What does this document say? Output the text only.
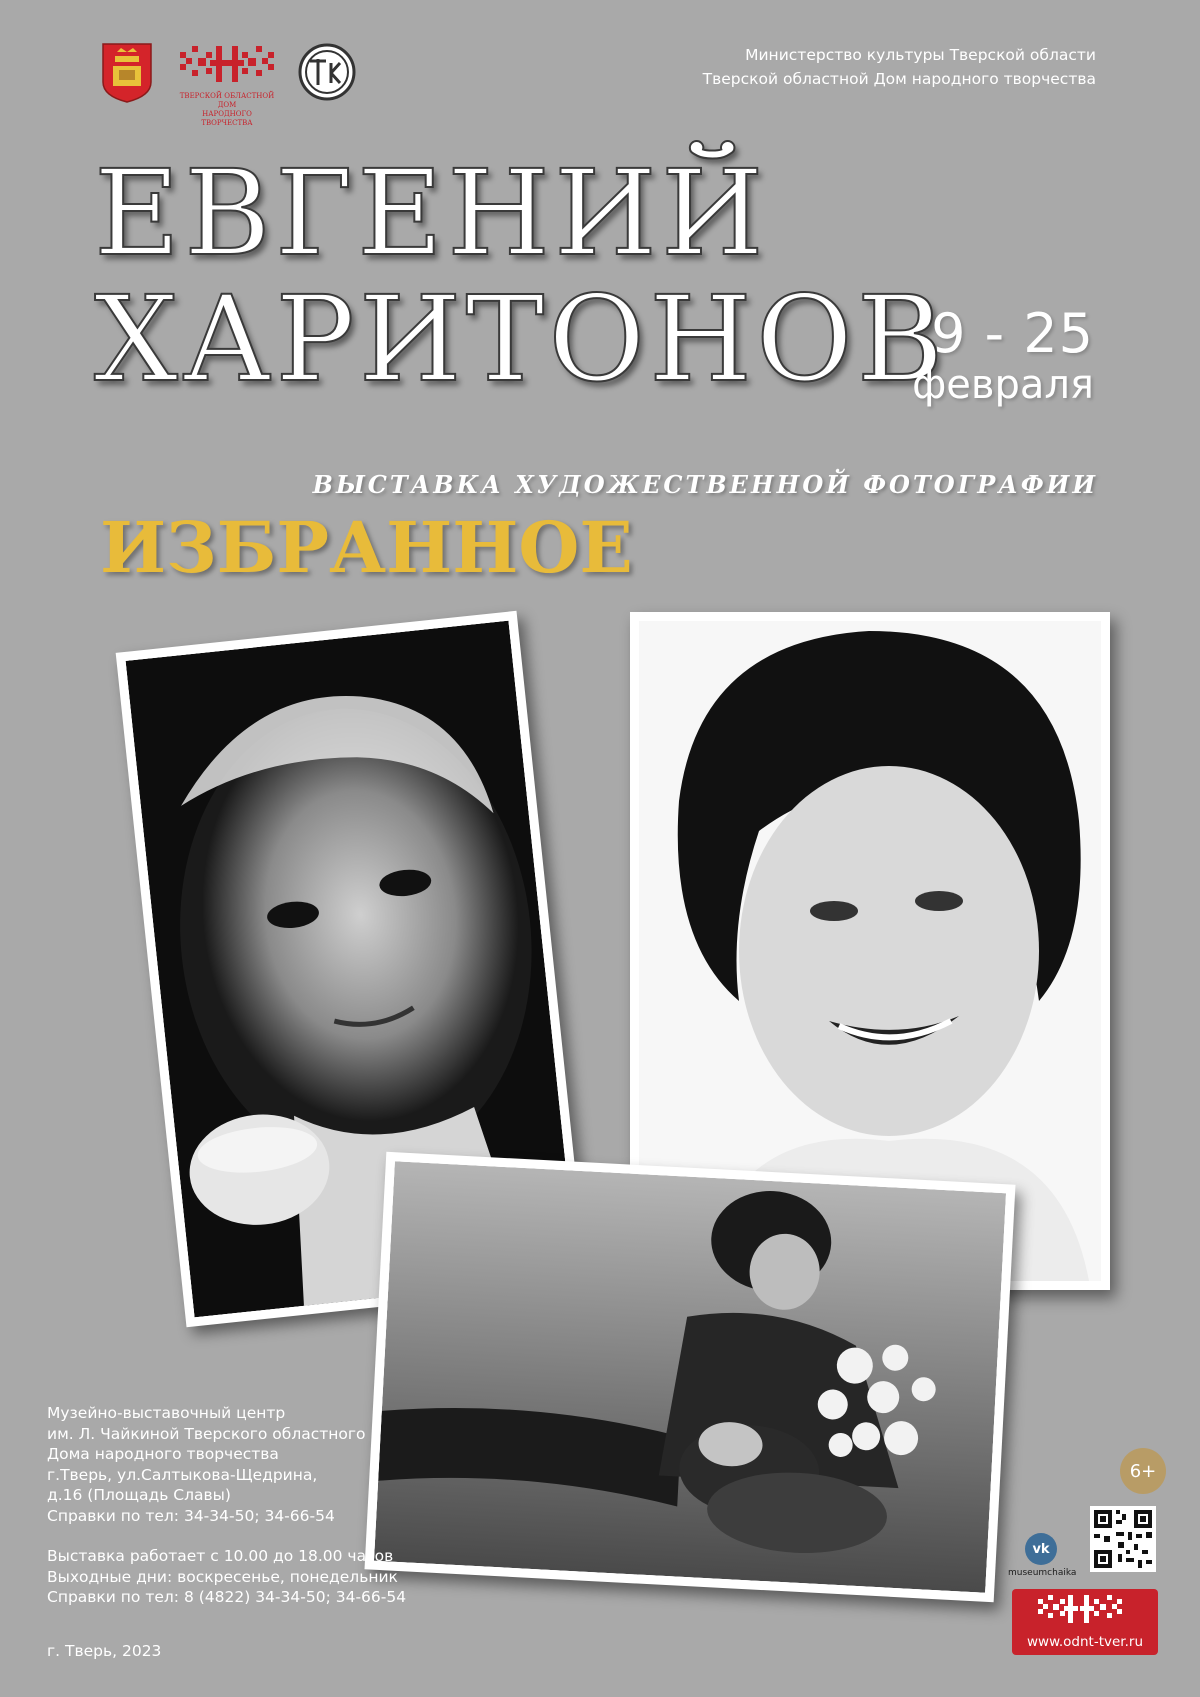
ТВЕРСКОЙ ОБЛАСТНОЙ ДОМ
НАРОДНОГО ТВОРЧЕСТВА
Министерство культуры Тверской области
Тверской областной Дом народного творчества
ЕВГЕНИЙ
ХАРИТОНОВ
9 - 25
февраля
ВЫСТАВКА ХУДОЖЕСТВЕННОЙ ФОТОГРАФИИ
ИЗБРАННОЕ
Музейно-выставочный центр
им. Л. Чайкиной Тверского областного
Дома народного творчества
г.Тверь, ул.Салтыкова-Щедрина,
д.16 (Площадь Славы)
Справки по тел: 34-34-50; 34-66-54
Выставка работает с 10.00 до 18.00 часов
Выходные дни: воскресенье, понедельник
Справки по тел: 8 (4822) 34-34-50; 34-66-54
г. Тверь, 2023
6+
vk
museumchaika
www.odnt-tver.ru
